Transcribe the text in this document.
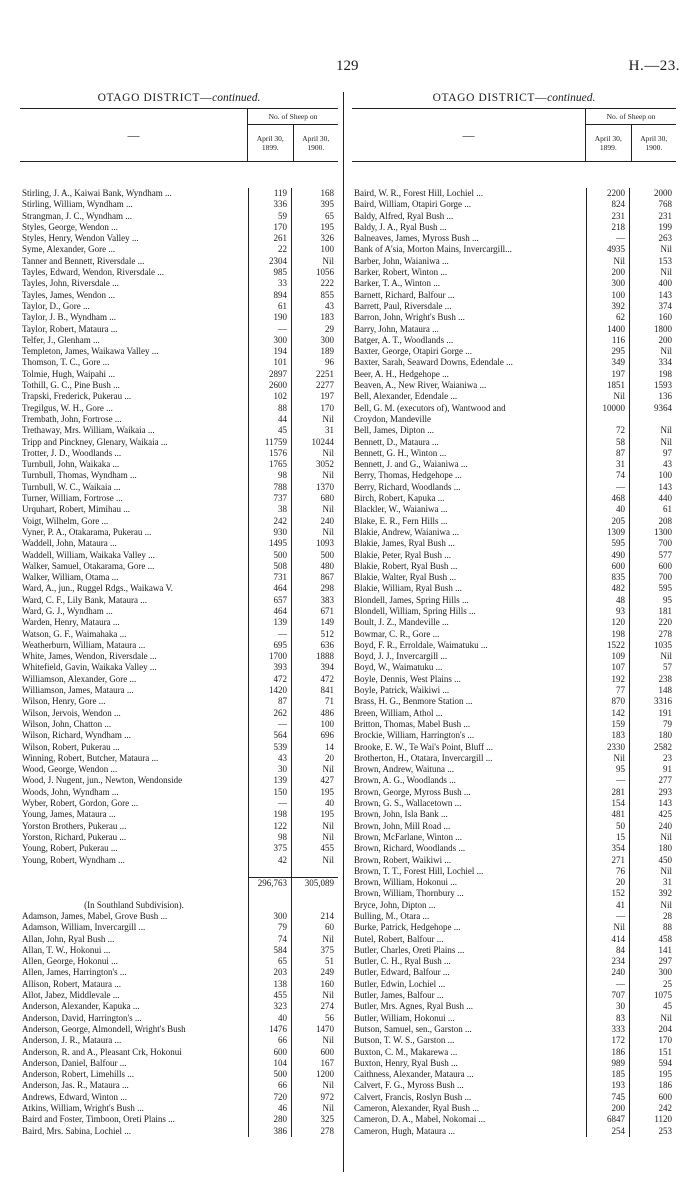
129	H.—23.
OTAGO DISTRICT—continued.
—
No. of Sheep on
April 30, 1899.
April 30, 1900.
Stirling, J. A., Kaiwai Bank, Wyndham ...	119	168
Stirling, William, Wyndham ...	336	395
Strangman, J. C., Wyndham ...	59	65
Styles, George, Wendon ...	170	195
Styles, Henry, Wendon Valley ...	261	326
Syme, Alexander, Gore ...	22	100
Tanner and Bennett, Riversdale ...	2304	Nil
Tayles, Edward, Wendon, Riversdale ...	985	1056
Tayles, John, Riversdale ...	33	222
Tayles, James, Wendon ...	894	855
Taylor, D., Gore ...	61	43
Taylor, J. B., Wyndham ...	190	183
Taylor, Robert, Mataura ...	—	29
Telfer, J., Glenham ...	300	300
Templeton, James, Waikawa Valley ...	194	189
Thomson, T. C., Gore ...	101	96
Tolmie, Hugh, Waipahi ...	2897	2251
Tothill, G. C., Pine Bush ...	2600	2277
Trapski, Frederick, Pukerau ...	102	197
Tregilgus, W. H., Gore ...	88	170
Trembath, John, Fortrose ...	44	Nil
Trethaway, Mrs. William, Waikaia ...	45	31
Tripp and Pinckney, Glenary, Waikaia ...	11759	10244
Trotter, J. D., Woodlands ...	1576	Nil
Turnbull, John, Waikaka ...	1765	3052
Turnbull, Thomas, Wyndham ...	98	Nil
Turnbull, W. C., Waikaia ...	788	1370
Turner, William, Fortrose ...	737	680
Urquhart, Robert, Mimihau ...	38	Nil
Voigt, Wilhelm, Gore ...	242	240
Vyner, P. A., Otakarama, Pukerau ...	930	Nil
Waddell, John, Mataura ...	1495	1093
Waddell, William, Waikaka Valley ...	500	500
Walker, Samuel, Otakarama, Gore ...	508	480
Walker, William, Otama ...	731	867
Ward, A., jun., Ruggel Rdgs., Waikawa V.	464	298
Ward, C. F., Lily Bank, Mataura ...	657	383
Ward, G. J., Wyndham ...	464	671
Warden, Henry, Mataura ...	139	149
Watson, G. F., Waimahaka ...	—	512
Weatherburn, William, Mataura ...	695	636
White, James, Wendon, Riversdale ...	1700	1888
Whitefield, Gavin, Waikaka Valley ...	393	394
Williamson, Alexander, Gore ...	472	472
Williamson, James, Mataura ...	1420	841
Wilson, Henry, Gore ...	87	71
Wilson, Jervois, Wendon ...	262	486
Wilson, John, Chatton ...	—	100
Wilson, Richard, Wyndham ...	564	696
Wilson, Robert, Pukerau ...	539	14
Winning, Robert, Butcher, Mataura ...	43	20
Wood, George, Wendon ...	30	Nil
Wood, J. Nugent, jun., Newton, Wendonside	139	427
Woods, John, Wyndham ...	150	195
Wyber, Robert, Gordon, Gore ...	—	40
Young, James, Mataura ...	198	195
Yorston Brothers, Pukerau ...	122	Nil
Yorston, Richard, Pukerau ...	98	Nil
Young, Robert, Pukerau ...	375	455
Young, Robert, Wyndham ...	42	Nil
296,763	305,089
(In Southland Subdivision).
Adamson, James, Mabel, Grove Bush ...	300	214
Adamson, William, Invercargill ...	79	60
Allan, John, Ryal Bush ...	74	Nil
Allan, T. W., Hokonui ...	584	375
Allen, George, Hokonui ...	65	51
Allen, James, Harrington's ...	203	249
Allison, Robert, Mataura ...	138	160
Allot, Jabez, Middlevale ...	455	Nil
Anderson, Alexander, Kapuka ...	323	274
Anderson, David, Harrington's ...	40	56
Anderson, George, Almondell, Wright's Bush	1476	1470
Anderson, J. R., Mataura ...	66	Nil
Anderson, R. and A., Pleasant Crk, Hokonui	600	600
Anderson, Daniel, Balfour ...	104	167
Anderson, Robert, Limehills ...	500	1200
Anderson, Jas. R., Mataura ...	66	Nil
Andrews, Edward, Winton ...	720	972
Atkins, William, Wright's Bush ...	46	Nil
Baird and Foster, Timboon, Oreti Plains ...	280	325
Baird, Mrs. Sabina, Lochiel ...	386	278
OTAGO DISTRICT—continued.
—
No. of Sheep on
April 30, 1899.
April 30, 1900.
Baird, W. R., Forest Hill, Lochiel ...	2200	2000
Baird, William, Otapiri Gorge ...	824	768
Baldy, Alfred, Ryal Bush ...	231	231
Baldy, J. A., Ryal Bush ...	218	199
Balneaves, James, Myross Bush ...	—	263
Bank of A'sia, Morton Mains, Invercargill...	4935	Nil
Barber, John, Waianiwa ...	Nil	153
Barker, Robert, Winton ...	200	Nil
Barker, T. A., Winton ...	300	400
Barnett, Richard, Balfour ...	100	143
Barrett, Paul, Riversdale ...	392	374
Barron, John, Wright's Bush ...	62	160
Barry, John, Mataura ...	1400	1800
Batger, A. T., Woodlands ...	116	200
Baxter, George, Otapiri Gorge ...	295	Nil
Baxter, Sarah, Seaward Downs, Edendale ...	349	334
Beer, A. H., Hedgehope ...	197	198
Beaven, A., New River, Waianiwa ...	1851	1593
Bell, Alexander, Edendale ...	Nil	136
Bell, G. M. (executors of), Wantwood and	10000	9364
Croydon, Mandeville
Bell, James, Dipton ...	72	Nil
Bennett, D., Mataura ...	58	Nil
Bennett, G. H., Winton ...	87	97
Bennett, J. and G., Waianiwa ...	31	43
Berry, Thomas, Hedgehope ...	74	100
Berry, Richard, Woodlands ...	—	143
Birch, Robert, Kapuka ...	468	440
Blackler, W., Waianiwa ...	40	61
Blake, E. R., Fern Hills ...	205	208
Blakie, Andrew, Waianiwa ...	1309	1300
Blakie, James, Ryal Bush ...	595	700
Blakie, Peter, Ryal Bush ...	490	577
Blakie, Robert, Ryal Bush ...	600	600
Blakie, Walter, Ryal Bush ...	835	700
Blakie, William, Ryal Bush ...	482	595
Blondell, James, Spring Hills ...	48	95
Blondell, William, Spring Hills ...	93	181
Boult, J. Z., Mandeville ...	120	220
Bowmar, C. R., Gore ...	198	278
Boyd, F. R., Erroldale, Waimatuku ...	1522	1035
Boyd, J. J., Invercargill ...	109	Nil
Boyd, W., Waimatuku ...	107	57
Boyle, Dennis, West Plains ...	192	238
Boyle, Patrick, Waikiwi ...	77	148
Brass, H. G., Benmore Station ...	870	3316
Breen, William, Athol ...	142	191
Britton, Thomas, Mabel Bush ...	159	79
Brockie, William, Harrington's ...	183	180
Brooke, E. W., Te Wai's Point, Bluff ...	2330	2582
Brotherton, H., Otatara, Invercargill ...	Nil	23
Brown, Andrew, Waituna ...	95	91
Brown, A. G., Woodlands ...	—	277
Brown, George, Myross Bush ...	281	293
Brown, G. S., Wallacetown ...	154	143
Brown, John, Isla Bank ...	481	425
Brown, John, Mill Road ...	50	240
Brown, McFarlane, Winton ...	15	Nil
Brown, Richard, Woodlands ...	354	180
Brown, Robert, Waikiwi ...	271	450
Brown, T. T., Forest Hill, Lochiel ...	76	Nil
Brown, William, Hokonui ...	20	31
Brown, William, Thornbury ...	152	392
Bryce, John, Dipton ...	41	Nil
Bulling, M., Otara ...	—	28
Burke, Patrick, Hedgehope ...	Nil	88
Butel, Robert, Balfour ...	414	458
Butler, Charles, Oreti Plains ...	84	141
Butler, C. H., Ryal Bush ...	234	297
Butler, Edward, Balfour ...	240	300
Butler, Edwin, Lochiel ...	—	25
Butler, James, Balfour ...	707	1075
Butler, Mrs. Agnes, Ryal Bush ...	30	45
Butler, William, Hokonui ...	83	Nil
Butson, Samuel, sen., Garston ...	333	204
Butson, T. W. S., Garston ...	172	170
Buxton, C. M., Makarewa ...	186	151
Buxton, Henry, Ryal Bush ...	989	594
Caithness, Alexander, Mataura ...	185	195
Calvert, F. G., Myross Bush ...	193	186
Calvert, Francis, Roslyn Bush ...	745	600
Cameron, Alexander, Ryal Bush ...	200	242
Cameron, D. A., Mabel, Nokomai ...	6847	1120
Cameron, Hugh, Mataura ...	254	253
